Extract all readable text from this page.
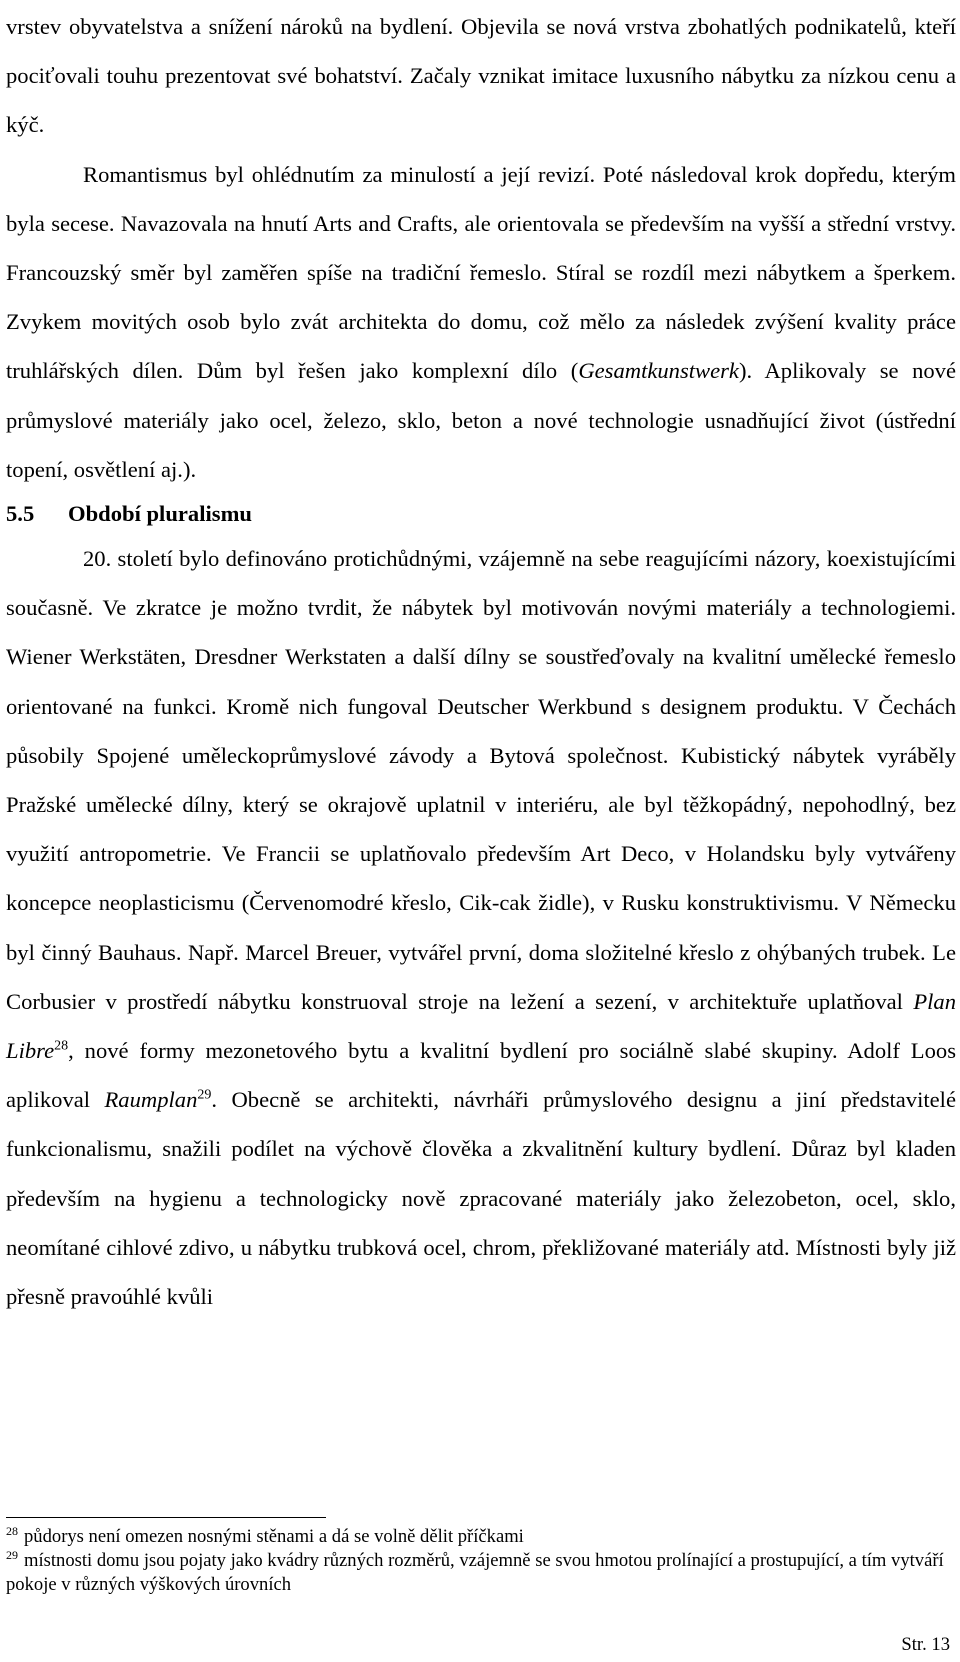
vrstev obyvatelstva a snížení nároků na bydlení. Objevila se nová vrstva zbohatlých podnikatelů, kteří pociťovali touhu prezentovat své bohatství. Začaly vznikat imitace luxusního nábytku za nízkou cenu a kýč.

Romantismus byl ohlédnutím za minulostí a její revizí. Poté následoval krok dopředu, kterým byla secese. Navazovala na hnutí Arts and Crafts, ale orientovala se především na vyšší a střední vrstvy. Francouzský směr byl zaměřen spíše na tradiční řemeslo. Stíral se rozdíl mezi nábytkem a šperkem. Zvykem movitých osob bylo zvát architekta do domu, což mělo za následek zvýšení kvality práce truhlářských dílen. Dům byl řešen jako komplexní dílo (Gesamtkunstwerk). Aplikovaly se nové průmyslové materiály jako ocel, železo, sklo, beton a nové technologie usnadňující život (ústřední topení, osvětlení aj.).

5.5 Období pluralismu

20. století bylo definováno protichůdnými, vzájemně na sebe reagujícími názory, koexistujícími současně. Ve zkratce je možno tvrdit, že nábytek byl motivován novými materiály a technologiemi. Wiener Werkstäten, Dresdner Werkstaten a další dílny se soustřeďovaly na kvalitní umělecké řemeslo orientované na funkci. Kromě nich fungoval Deutscher Werkbund s designem produktu. V Čechách působily Spojené uměleckoprůmyslové závody a Bytová společnost. Kubistický nábytek vyráběly Pražské umělecké dílny, který se okrajově uplatnil v interiéru, ale byl těžkopádný, nepohodlný, bez využití antropometrie. Ve Francii se uplatňovalo především Art Deco, v Holandsku byly vytvářeny koncepce neoplasticismu (Červenomodré křeslo, Cik-cak židle), v Rusku konstruktivismu. V Německu byl činný Bauhaus. Např. Marcel Breuer, vytvářel první, doma složitelné křeslo z ohýbaných trubek. Le Corbusier v prostředí nábytku konstruoval stroje na ležení a sezení, v architektuře uplatňoval Plan Libre$^{28}$, nové formy mezonetového bytu a kvalitní bydlení pro sociálně slabé skupiny. Adolf Loos aplikoval Raumplan$^{29}$. Obecně se architekti, návrháři průmyslového designu a jiní představitelé funkcionalismu, snažili podílet na výchově člověka a zkvalitnění kultury bydlení. Důraz byl kladen především na hygienu a technologicky nově zpracované materiály jako železobeton, ocel, sklo, neomítané cihlové zdivo, u nábytku trubková ocel, chrom, překližované materiály atd. Místnosti byly již přesně pravoúhlé kvůli

$^{28}$ půdorys není omezen nosnými stěnami a dá se volně dělit příčkami

$^{29}$ místnosti domu jsou pojaty jako kvádry různých rozměrů, vzájemně se svou hmotou prolínající a prostupující, a tím vytváří pokoje v různých výškových úrovních

Str. 13
